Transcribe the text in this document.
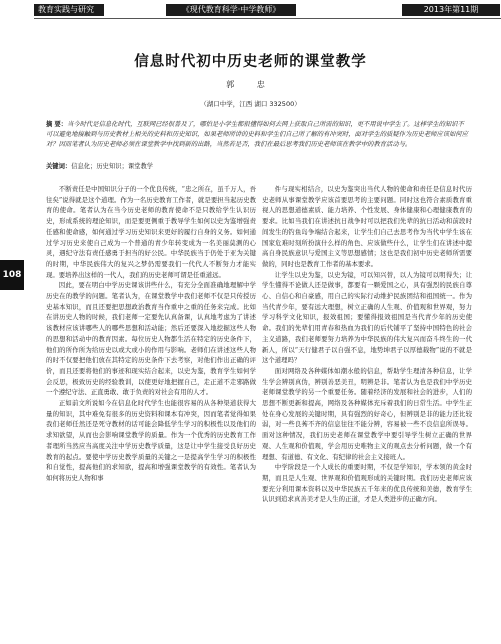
教育实践与研究	《现代教育科学·中学教师》	2013年第11期
信息时代初中历史老师的课堂教学
郭 忠
（湖口中学，江西 湖口 332500）
摘 要：当今时代是信息化时代，互联网已经很普及了，哪怕是小学生都很懂得如何去网上获取自己所需的知识，更不用说中学生了。这样学生的知识不可以避免地接触到与历史教材上相关的史料和历史知识，如果老师所讲的史料和学生们自己所了解的有冲突时，面对学生的质疑作为历史老师应该如何应对？因而笔者认为历史老师必须在课堂教学中找到新的出路，当然若是否，我们在最后思考我们历史老师该在教学中的教育活动与。
关键词：信息化；历史知识；课堂教学
108

不断责任是中国知识分子的一个优良传统，“忠之所在，虽千万人，吾往矣”说得就是这个道理。作为一名历史教育工作者，就是要担当起历史教育的使命。笔者认为在当今历史老师的教育使命不是只教给学生认识历史，形成系统的理论知识，而是要更侧重于教导学生如何以史为鉴增强责任感和使命感，如何通过学习历史知识来更好的履行自身的义务。如何通过学习历史来使自己成为一个普通的青少年转变成为一名美丽莫测的心灵，遇纪守法有责任感勇于担当的好公民。中华民族当于仍处于亚为关键的时期，中华民族伟大的复兴之梦仍需要我们一代代人不断努力才能实现。要培养出这样的一代人，我们的历史老师可谓是任重道远。

因此，要在明白中学历史课该讲些什么，有充分全面准确地理解中学历史在的教学的问题。笔者认为，在课堂教学中我们老师不仅是只传授历史基本知识，而且还要把思想政治教育当作重中之重的任务来完成。比如在讲历史人物的时候，我们老师一定要先认真备课，认真地考虑为了讲述该教材应该讲哪些人的哪些思想和活动能；然后还要深入地挖掘这些人物的思想和活动中的教育因素。每位历史人物都生活在特定的历史条件下，他们的所作所为给历史以或大或小的作用与影响。老师们在讲述这些人物的时不仅要把他们放在其特定的历史条件下去考察，对他们作出正确的评价，而且还要将他们的事迹和现实结合起来，以史为鉴，教育学生如何学会反思，极致历史的经验教训，以使更好地把握自己，走正道不走邪路做一个遵纪守法、正直勇敢、敢于负责的对社会有用的人才。

正如前文所说如今在信息化时代学生也能很容易的从各种渠道获得大量的知识，其中难免有很多的历史资料和课本有冲突，因而笔者觉得如果我们老师任然还是死守教材的话可能会降低学生学习的积极性以及他们的求知欲望，从而也会影响课堂教学的质量。作为一个优秀的历史教育工作者理所当然应当高度关注中学历史教学质量，这是让中学生接受良好历史教育的起点。要使中学历史教学质量的关键之一是提高学生学习的积极性和自觉性，提高他们的求知欲，提高和增强课堂教学的有效性。笔者认为如何将历史人物和事

件与现实相结合，以史为鉴突出当代人物的使命和责任是信息时代历史老师从事课堂教学应该首要思考的主要问题。同时这也符合素质教育重视人的思想道德素质、能力培养、个性发展、身体健康和心理健康教育的要求。比如当我们在讲述抗日战争时可以把我们先辈的抗日活动和前段时间发生的钓鱼岛争端结合起来，让学生们自己去思考作为当代中学生该在国家危难时刻所扮演什么样的角色、应该做些什么，让学生们在讲述中提高自身民族意识与爱国主义等思想感情；这也是我们初中历史老师所需要做的，同时也是教育工作者的基本要求。

让学生以史为鉴，以史为镜，可以知兴替，以人为镜可以明得失；让学生懂得不论做人还是做事，都要有一颗爱国之心，具有强烈的民族自尊心、自信心和自豪感，用自己的实际行动维护民族团结和祖国统一。作为当代青少年，要有远大理想，树立正确的人生观、价值观和世界观，努力学习科学文化知识，报效祖国；要懂得报效祖国是当代青少年的历史使命。我们的先辈们用青春和热血为我们的后代铺平了坚持中国特色的社会主义道路，我们老师要努力培养为中华民族的伟大复兴而奋斗终生的一代新人，所以“天行健君子以自强不息，地势坤君子以厚德载物”说的不就是这个道理吗？

面对网络及各种媒体如潮水般的信息，帮助学生理清各种信息，让学生学会辨别真伪，辨别善恶美丑，明辨是非。笔者认为也是我们中学历史老师课堂教学的另一个重要任务。随着经济的发展和社会的进步，人们的思想不断更新和提高，网络及各种媒体充斥着我们的日常生活。中学生正处在身心发展的关键时期，具有强烈的好奇心，但辨别是非的能力还比较弱，对一些良莠不齐的信息往往不能分辨，容易被一些不良信息所误导。面对这种情况，我们历史老师在课堂教学中要引导学生树立正确的世界观、人生观和价值观，学会用历史唯物主义的观点去分析问题，做一个有理想、有道德、有文化、有纪律的社会主义接班人。

中学阶段是一个人成长的重要时期，不仅是学知识，学本领的黄金时期，而且是人生观、世界观和价值观形成的关键时期。我们历史老师应该要充分利用课本资料以及中华民族五千年来的优良传统和美德，教育学生认识到追求真善美才是人生的正道，才是人类进步的正确方向。
